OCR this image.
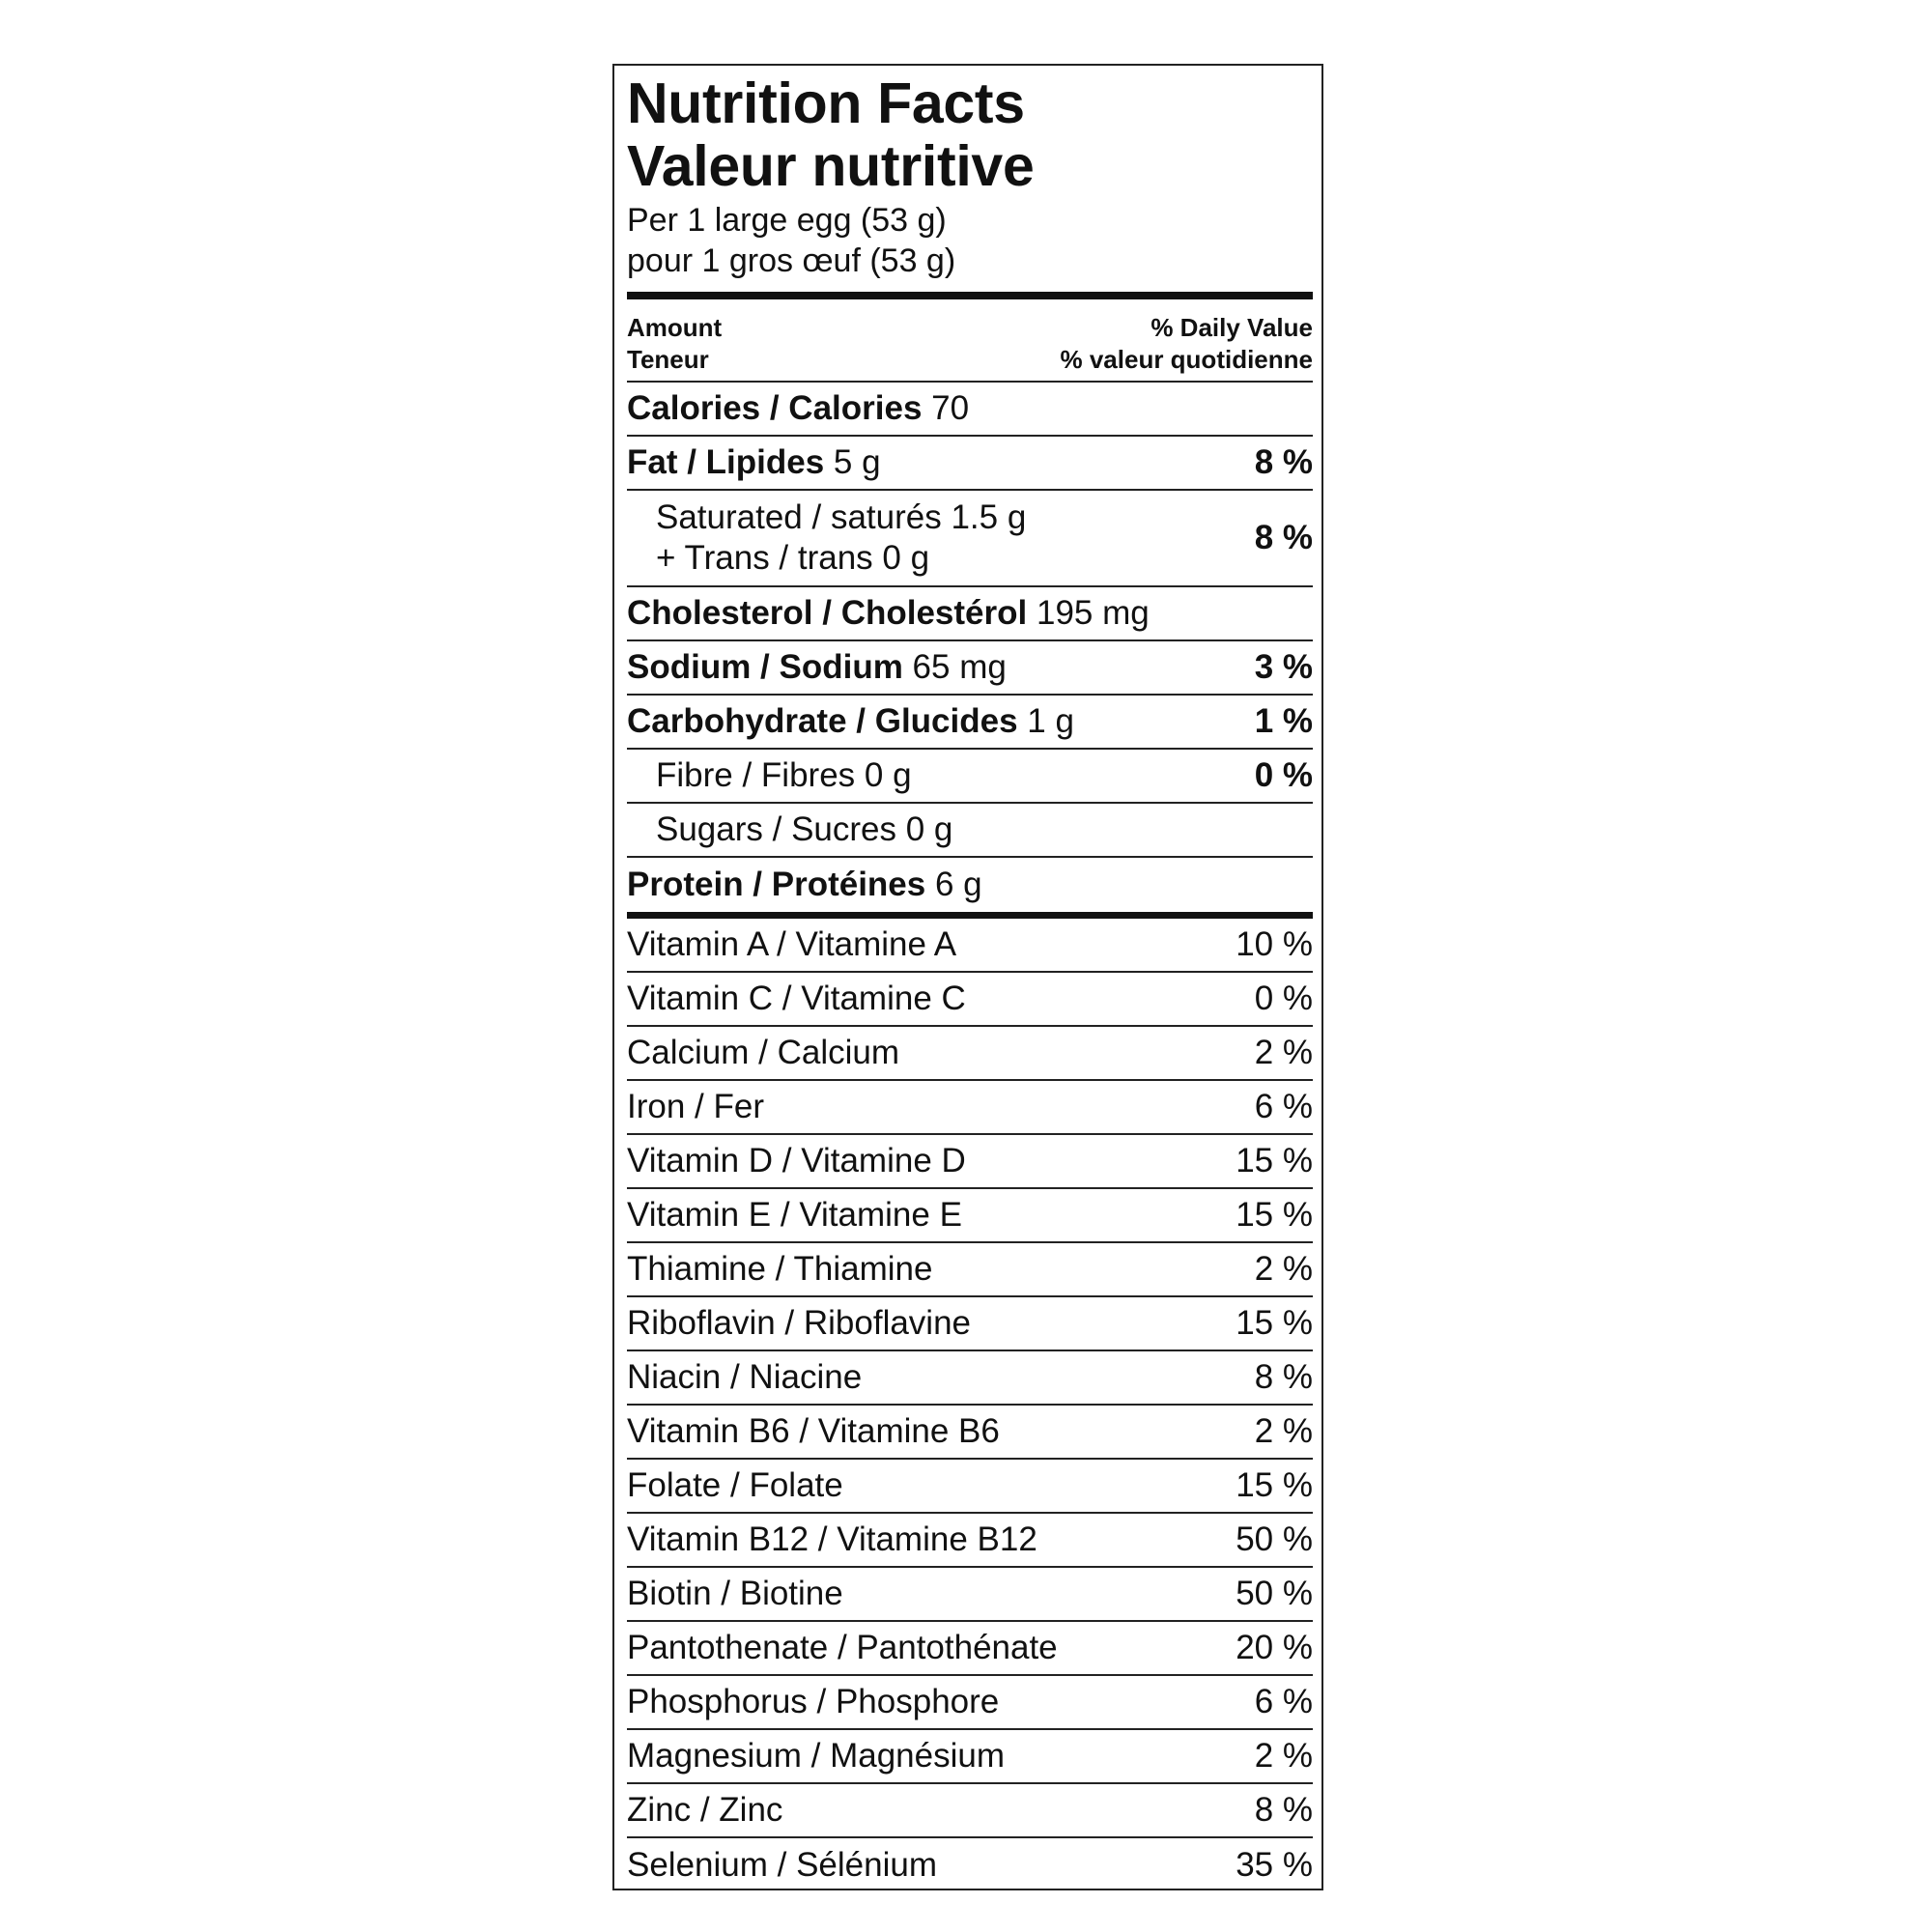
Nutrition Facts
Valeur nutritive
Per 1 large egg (53 g)
pour 1 gros œuf (53 g)
Amount
Teneur
% Daily Value
% valeur quotidienne
Calories / Calories 70
Fat / Lipides 5 g	8 %
Saturated / saturés 1.5 g
+ Trans / trans 0 g
8 %
Cholesterol / Cholestérol 195 mg
Sodium / Sodium 65 mg	3 %
Carbohydrate / Glucides 1 g	1 %
Fibre / Fibres 0 g	0 %
Sugars / Sucres 0 g
Protein / Protéines 6 g
Vitamin A / Vitamine A	10 %
Vitamin C / Vitamine C	0 %
Calcium / Calcium	2 %
Iron / Fer	6 %
Vitamin D / Vitamine D	15 %
Vitamin E / Vitamine E	15 %
Thiamine / Thiamine	2 %
Riboflavin / Riboflavine	15 %
Niacin / Niacine	8 %
Vitamin B6 / Vitamine B6	2 %
Folate / Folate	15 %
Vitamin B12 / Vitamine B12	50 %
Biotin / Biotine	50 %
Pantothenate / Pantothénate	20 %
Phosphorus / Phosphore	6 %
Magnesium / Magnésium	2 %
Zinc / Zinc	8 %
Selenium / Sélénium	35 %
